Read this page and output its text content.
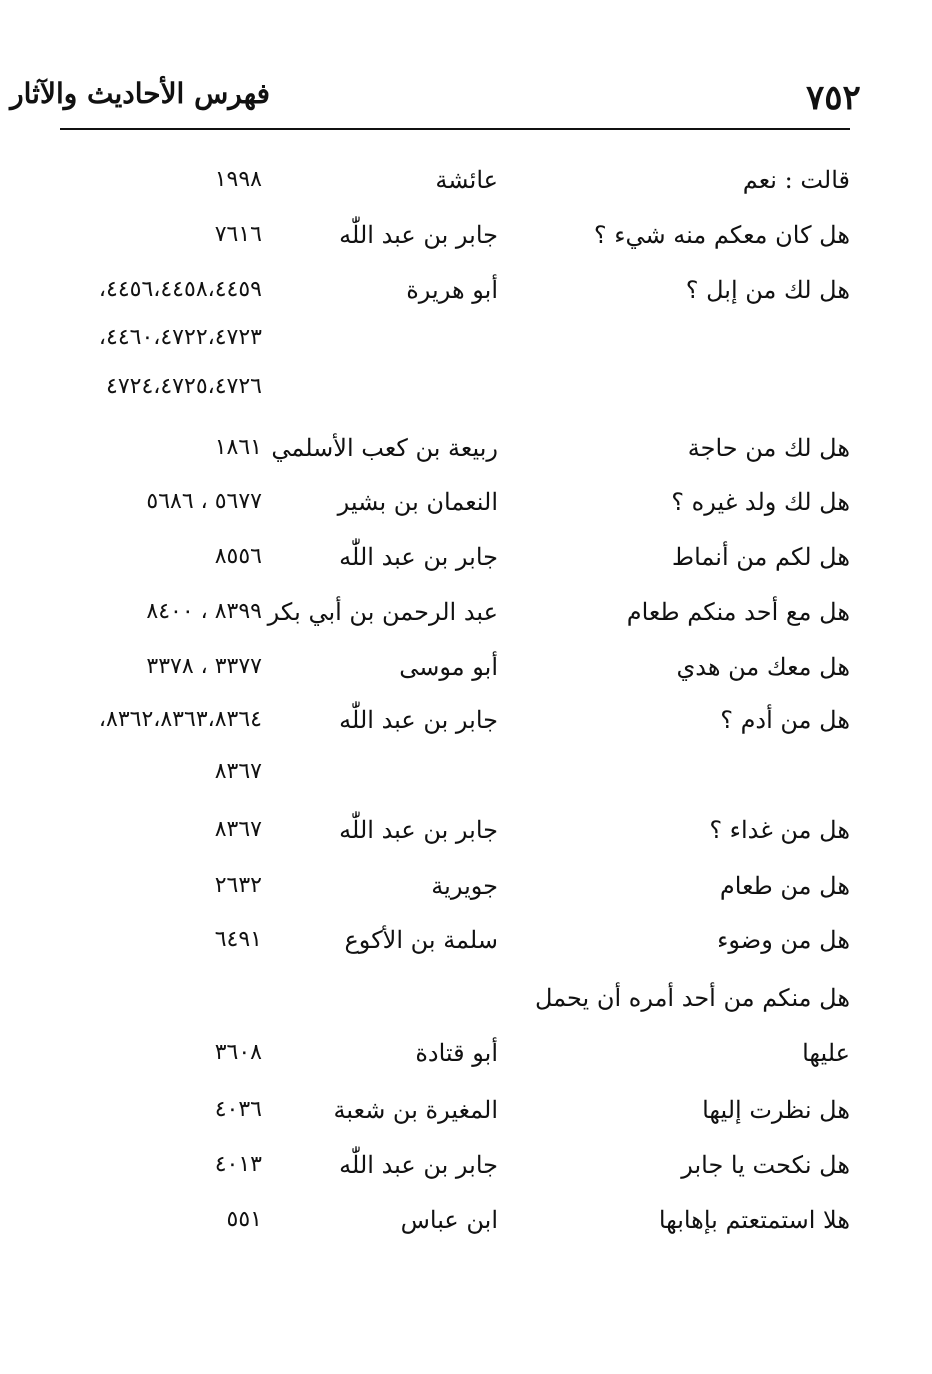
٧٥٢
فهرس الأحاديث والآثار
قالت : نعم
عائشة
١٩٩٨
هل كان معكم منه شيء ؟
جابر بن عبد اللّٰه
٧٦١٦
هل لك من إبل ؟
أبو هريرة
٤٤٥٦،٤٤٥٨،٤٤٥٩،
٤٤٦٠،٤٧٢٢،٤٧٢٣،
٤٧٢٤،٤٧٢٥،٤٧٢٦
هل لك من حاجة
ربيعة بن كعب الأسلمي
١٨٦١
هل لك ولد غيره ؟
النعمان بن بشير
٥٦٧٧ ، ٥٦٨٦
هل لكم من أنماط
جابر بن عبد اللّٰه
٨٥٥٦
هل مع أحد منكم طعام
عبد الرحمن بن أبي بكر
٨٣٩٩ ، ٨٤٠٠
هل معك من هدي
أبو موسى
٣٣٧٧ ، ٣٣٧٨
هل من أدم ؟
جابر بن عبد اللّٰه
٨٣٦٢،٨٣٦٣،٨٣٦٤،
٨٣٦٧
هل من غداء ؟
جابر بن عبد اللّٰه
٨٣٦٧
هل من طعام
جويرية
٢٦٣٢
هل من وضوء
سلمة بن الأكوع
٦٤٩١
هل منكم من أحد أمره أن يحمل
عليها
أبو قتادة
٣٦٠٨
هل نظرت إليها
المغيرة بن شعبة
٤٠٣٦
هل نكحت يا جابر
جابر بن عبد اللّٰه
٤٠١٣
هلا استمتعتم بإهابها
ابن عباس
٥٥١
